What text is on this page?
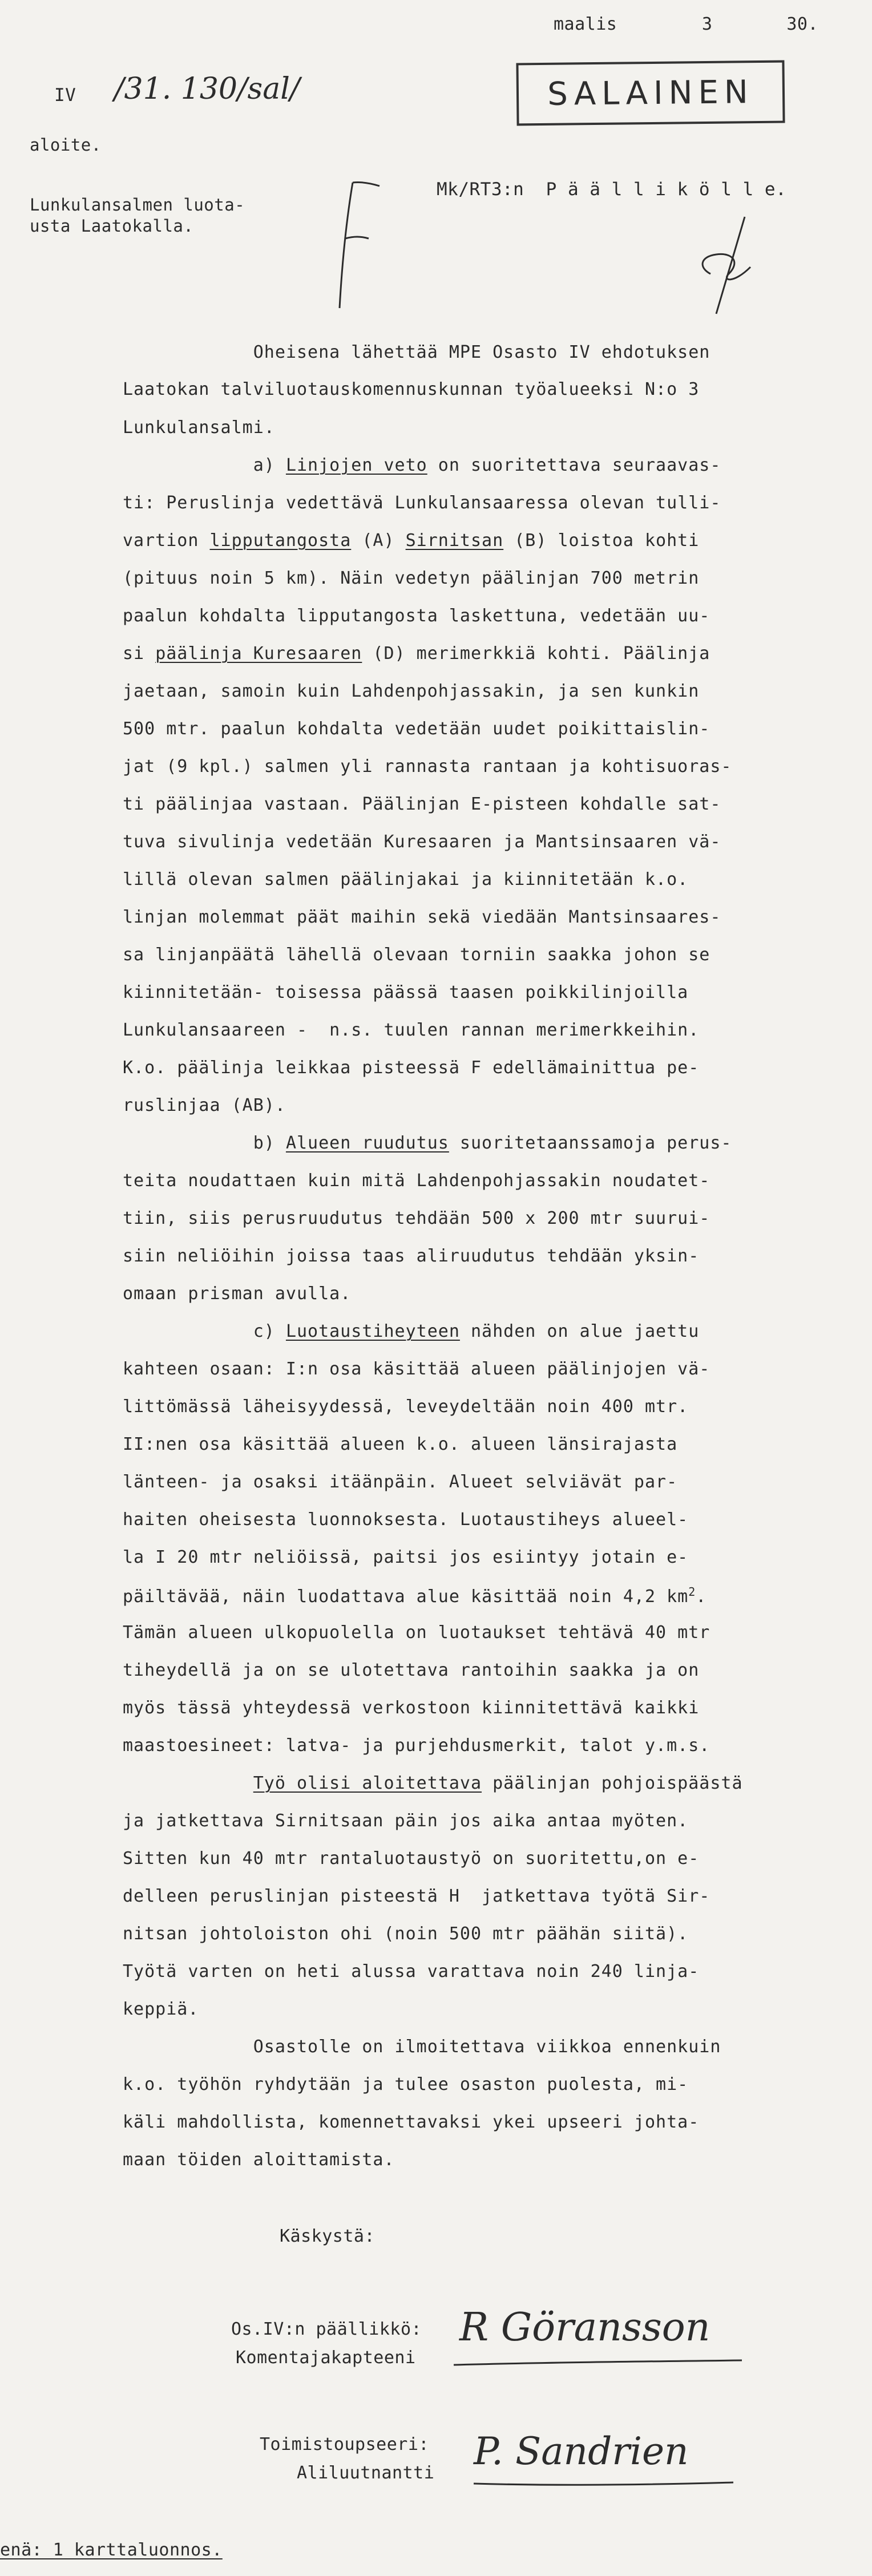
maalis        3       30.
IV /31. 130/sal/	SALAINEN
aloite.
Lunkulansalmen luota-
usta Laatokalla.
Mk/RT3:n  P ä ä l l i k ö l l e.
Oheisena lähettää MPE Osasto IV ehdotuksen
Laatokan talviluotauskomennuskunnan työalueeksi N:o 3
Lunkulansalmi.
a) Linjojen veto on suoritettava seuraavas-
ti: Peruslinja vedettävä Lunkulansaaressa olevan tulli-
vartion lipputangosta (A) Sirnitsan (B) loistoa kohti
(pituus noin 5 km). Näin vedetyn päälinjan 700 metrin
paalun kohdalta lipputangosta laskettuna, vedetään uu-
si päälinja Kuresaaren (D) merimerkkiä kohti. Päälinja
jaetaan, samoin kuin Lahdenpohjassakin, ja sen kunkin
500 mtr. paalun kohdalta vedetään uudet poikittaislin-
jat (9 kpl.) salmen yli rannasta rantaan ja kohtisuoras-
ti päälinjaa vastaan. Päälinjan E-pisteen kohdalle sat-
tuva sivulinja vedetään Kuresaaren ja Mantsinsaaren vä-
lillä olevan salmen päälinjakai ja kiinnitetään k.o.
linjan molemmat päät maihin sekä viedään Mantsinsaares-
sa linjanpäätä lähellä olevaan torniin saakka johon se
kiinnitetään- toisessa päässä taasen poikkilinjoilla
Lunkulansaareen -  n.s. tuulen rannan merimerkkeihin.
K.o. päälinja leikkaa pisteessä F edellämainittua pe-
ruslinjaa (AB).
b) Alueen ruudutus suoritetaanssamoja perus-
teita noudattaen kuin mitä Lahdenpohjassakin noudatet-
tiin, siis perusruudutus tehdään 500 x 200 mtr suurui-
siin neliöihin joissa taas aliruudutus tehdään yksin-
omaan prisman avulla.
c) Luotaustiheyteen nähden on alue jaettu
kahteen osaan: I:n osa käsittää alueen päälinjojen vä-
littömässä läheisyydessä, leveydeltään noin 400 mtr.
II:nen osa käsittää alueen k.o. alueen länsirajasta
länteen- ja osaksi itäänpäin. Alueet selviävät par-
haiten oheisesta luonnoksesta. Luotaustiheys alueel-
la I 20 mtr neliöissä, paitsi jos esiintyy jotain e-
päiltävää, näin luodattava alue käsittää noin 4,2 $km^2$.
Tämän alueen ulkopuolella on luotaukset tehtävä 40 mtr
tiheydellä ja on se ulotettava rantoihin saakka ja on
myös tässä yhteydessä verkostoon kiinnitettävä kaikki
maastoesineet: latva- ja purjehdusmerkit, talot y.m.s.
Työ olisi aloitettava päälinjan pohjoispäästä
ja jatkettava Sirnitsaan päin jos aika antaa myöten.
Sitten kun 40 mtr rantaluotaustyö on suoritettu,on e-
delleen peruslinjan pisteestä H  jatkettava työtä Sir-
nitsan johtoloiston ohi (noin 500 mtr päähän siitä).
Työtä varten on heti alussa varattava noin 240 linja-
keppiä.
Osastolle on ilmoitettava viikkoa ennenkuin
k.o. työhön ryhdytään ja tulee osaston puolesta, mi-
käli mahdollista, komennettavaksi ykei upseeri johta-
maan töiden aloittamista.
Käskystä:
Os.IV:n päällikkö:
Komentajakapteeni
R Göransson
Toimistoupseeri:
Aliluutnantti P. Sandrien
enä: 1 karttaluonnos.
